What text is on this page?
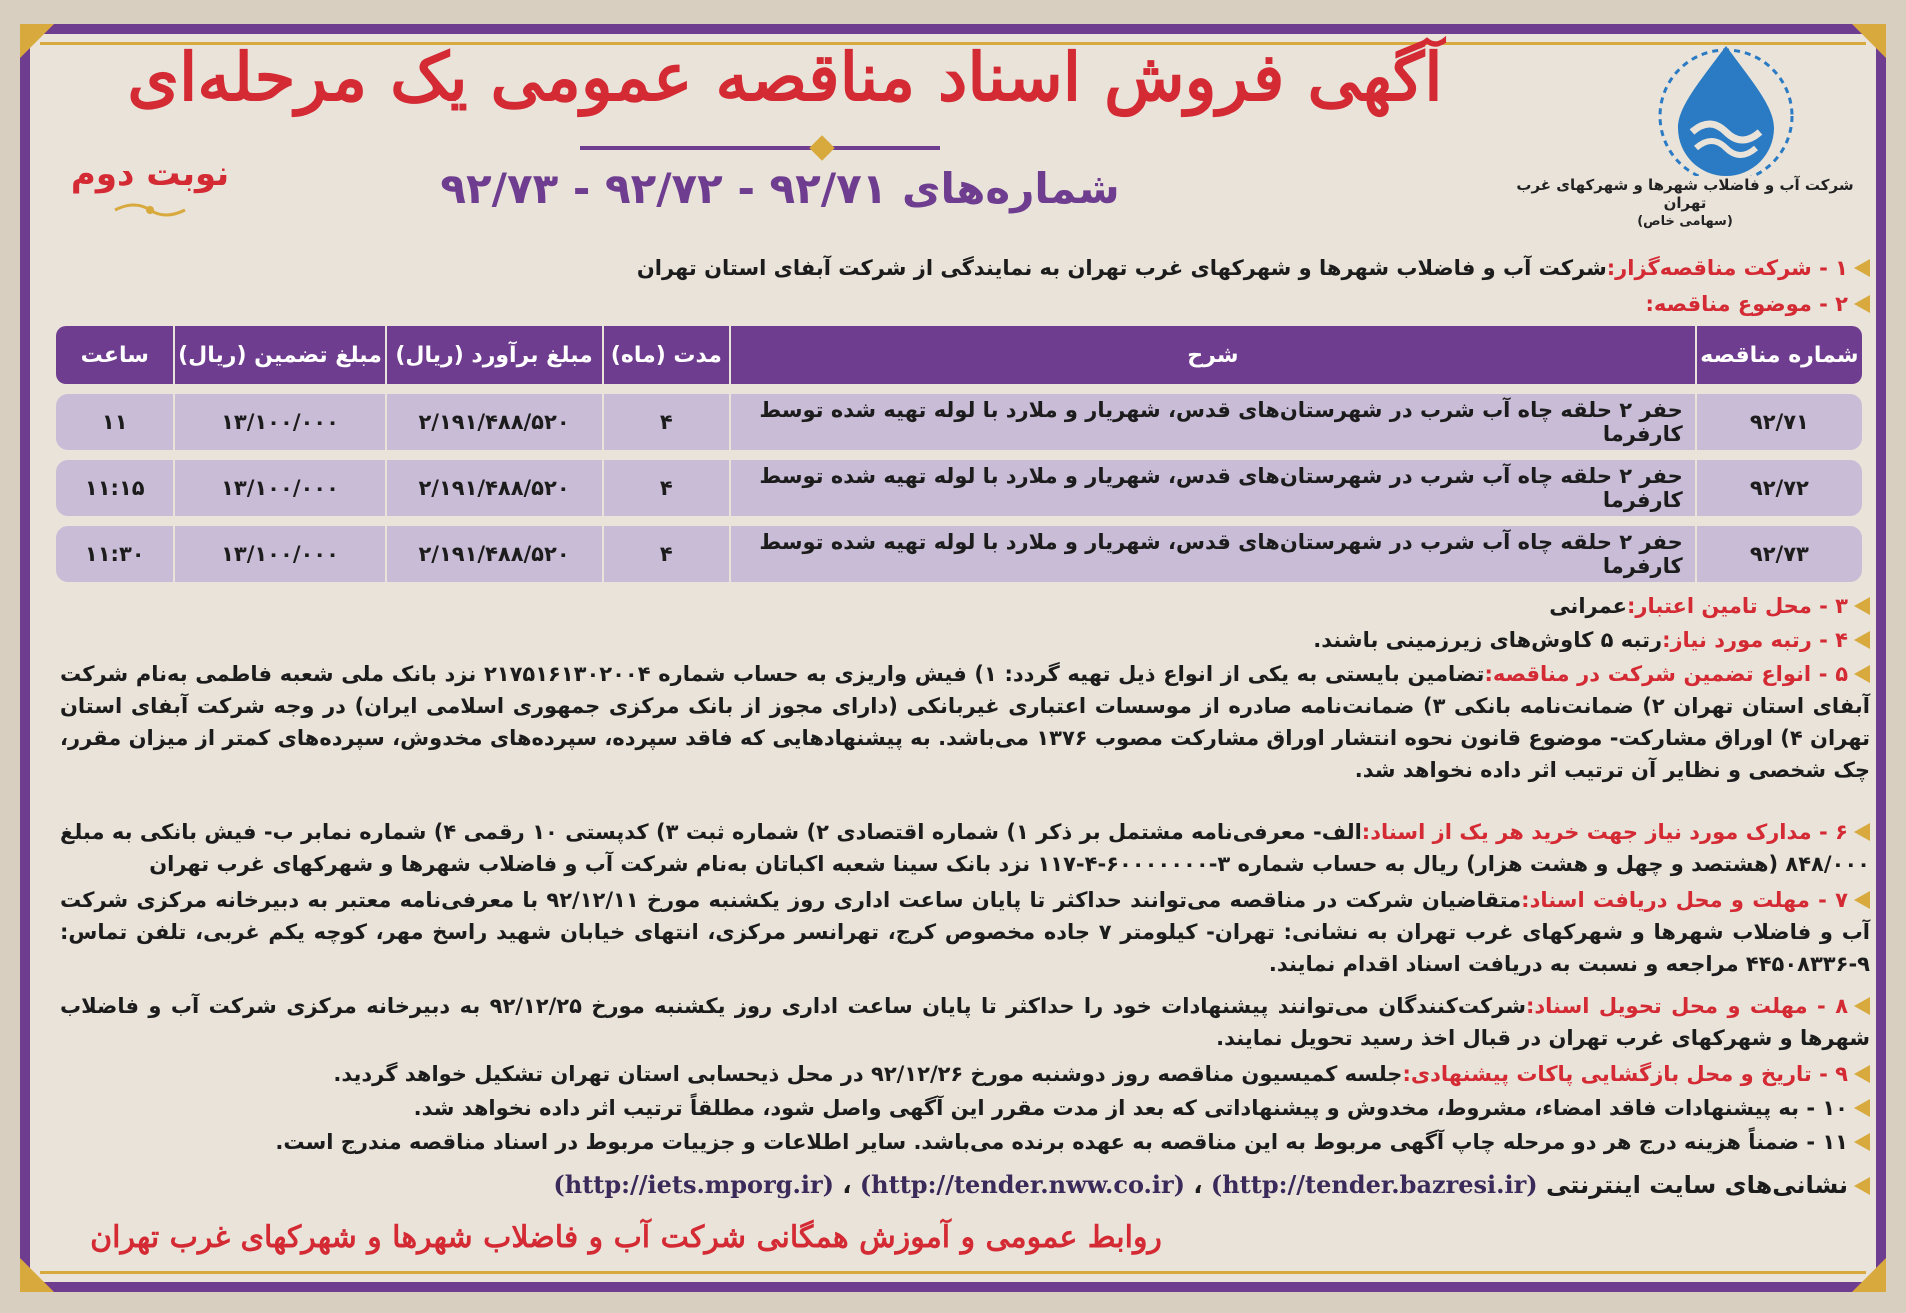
شرکت آب و فاضلاب شهرها و شهرکهای غرب تهران
(سهامی خاص)
آگهی فروش اسناد مناقصه عمومی یک مرحله‌ای
شماره‌های ۹۲/۷۱ - ۹۲/۷۲ - ۹۲/۷۳
نوبت دوم
۱ - شرکت مناقصه‌گزار:شرکت آب و فاضلاب شهرها و شهرکهای غرب تهران به نمایندگی از شرکت آبفای استان تهران
۲ - موضوع مناقصه:
شماره مناقصه
شرح
مدت (ماه)
مبلغ برآورد (ریال)
مبلغ تضمین (ریال)
ساعت
۹۲/۷۱
حفر ۲ حلقه چاه آب شرب در شهرستان‌های قدس، شهریار و ملارد با لوله تهیه شده توسط کارفرما
۴
۲/۱۹۱/۴۸۸/۵۲۰
۱۳/۱۰۰/۰۰۰
۱۱
۹۲/۷۲
حفر ۲ حلقه چاه آب شرب در شهرستان‌های قدس، شهریار و ملارد با لوله تهیه شده توسط کارفرما
۴
۲/۱۹۱/۴۸۸/۵۲۰
۱۳/۱۰۰/۰۰۰
۱۱:۱۵
۹۲/۷۳
حفر ۲ حلقه چاه آب شرب در شهرستان‌های قدس، شهریار و ملارد با لوله تهیه شده توسط کارفرما
۴
۲/۱۹۱/۴۸۸/۵۲۰
۱۳/۱۰۰/۰۰۰
۱۱:۳۰
۳ - محل تامین اعتبار:عمرانی
۴ - رتبه مورد نیاز:رتبه ۵ کاوش‌های زیرزمینی باشند.
۵ - انواع تضمین شرکت در مناقصه:تضامین بایستی به یکی از انواع ذیل تهیه گردد: ۱) فیش واریزی به حساب شماره ۲۱۷۵۱۶۱۳۰۲۰۰۴ نزد بانک ملی شعبه فاطمی به‌نام شرکت آبفای استان تهران ۲) ضمانت‌نامه بانکی ۳) ضمانت‌نامه صادره از موسسات اعتباری غیربانکی (دارای مجوز از بانک مرکزی جمهوری اسلامی ایران) در وجه شرکت آبفای استان تهران ۴) اوراق مشارکت- موضوع قانون نحوه انتشار اوراق مشارکت مصوب ۱۳۷۶ می‌باشد. به پیشنهادهایی که فاقد سپرده، سپرده‌های مخدوش، سپرده‌های کمتر از میزان مقرر، چک شخصی و نظایر آن ترتیب اثر داده نخواهد شد.
۶ - مدارک مورد نیاز جهت خرید هر یک از اسناد:الف- معرفی‌نامه مشتمل بر ذکر ۱) شماره اقتصادی ۲) شماره ثبت ۳) کدپستی ۱۰ رقمی ۴) شماره نمابر ب- فیش بانکی به مبلغ ۸۴۸/۰۰۰ (هشتصد و چهل و هشت هزار) ریال به حساب شماره ۳-۶۰۰۰۰۰۰۰-۴-۱۱۷ نزد بانک سینا شعبه اکباتان به‌نام شرکت آب و فاضلاب شهرها و شهرکهای غرب تهران
۷ - مهلت و محل دریافت اسناد:متقاضیان شرکت در مناقصه می‌توانند حداکثر تا پایان ساعت اداری روز یکشنبه مورخ ۹۲/۱۲/۱۱ با معرفی‌نامه معتبر به دبیرخانه مرکزی شرکت آب و فاضلاب شهرها و شهرکهای غرب تهران به نشانی: تهران- کیلومتر ۷ جاده مخصوص کرج، تهرانسر مرکزی، انتهای خیابان شهید راسخ مهر، کوچه یکم غربی، تلفن تماس: ۹-۴۴۵۰۸۳۳۶ مراجعه و نسبت به دریافت اسناد اقدام نمایند.
۸ - مهلت و محل تحویل اسناد:شرکت‌کنندگان می‌توانند پیشنهادات خود را حداکثر تا پایان ساعت اداری روز یکشنبه مورخ ۹۲/۱۲/۲۵ به دبیرخانه مرکزی شرکت آب و فاضلاب شهرها و شهرکهای غرب تهران در قبال اخذ رسید تحویل نمایند.
۹ - تاریخ و محل بازگشایی پاکات پیشنهادی:جلسه کمیسیون مناقصه روز دوشنبه مورخ ۹۲/۱۲/۲۶ در محل ذیحسابی استان تهران تشکیل خواهد گردید.
۱۰ - به پیشنهادات فاقد امضاء، مشروط، مخدوش و پیشنهاداتی که بعد از مدت مقرر این آگهی واصل شود، مطلقاً ترتیب اثر داده نخواهد شد.
۱۱ - ضمناً هزینه درج هر دو مرحله چاپ آگهی مربوط به این مناقصه به عهده برنده می‌باشد. سایر اطلاعات و جزییات مربوط در اسناد مناقصه مندرج است.
نشانی‌های سایت اینترنتی (http://tender.bazresi.ir) ، (http://tender.nww.co.ir) ، (http://iets.mporg.ir)
روابط عمومی و آموزش همگانی شرکت آب و فاضلاب شهرها و شهرکهای غرب تهران
